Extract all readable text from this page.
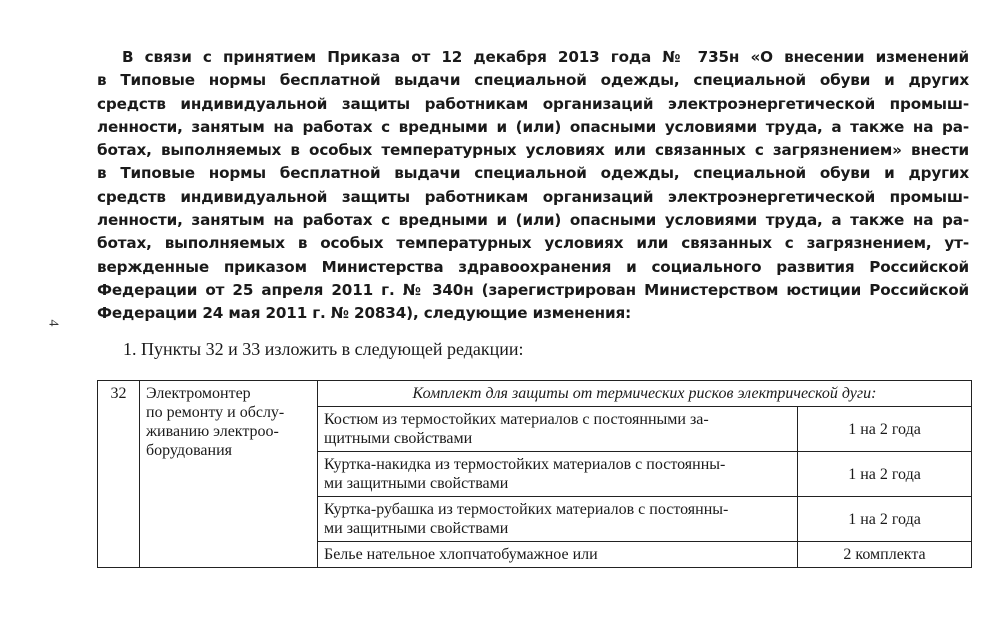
4
В связи с принятием Приказа от 12 декабря 2013 года № 735н «О внесении изменений
в Типовые нормы бесплатной выдачи специальной одежды, специальной обуви и других
средств индивидуальной защиты работникам организаций электроэнергетической промыш-
ленности, занятым на работах с вредными и (или) опасными условиями труда, а также на ра-
ботах, выполняемых в особых температурных условиях или связанных с загрязнением» внести
в Типовые нормы бесплатной выдачи специальной одежды, специальной обуви и других
средств индивидуальной защиты работникам организаций электроэнергетической промыш-
ленности, занятым на работах с вредными и (или) опасными условиями труда, а также на ра-
ботах, выполняемых в особых температурных условиях или связанных с загрязнением, ут-
вержденные приказом Министерства здравоохранения и социального развития Российской
Федерации от 25 апреля 2011 г. № 340н (зарегистрирован Министерством юстиции Российской
Федерации 24 мая 2011 г. № 20834), следующие изменения:
1. Пункты 32 и 33 изложить в следующей редакции:
32	Электромонтер
по ремонту и обслу-
живанию электроо-
борудования	Комплект для защиты от термических рисков электрической дуги:	

		Костюм из термостойких материалов с постоянными за-
щитными свойствами	1 на 2 года

		Куртка-накидка из термостойких материалов с постоянны-
ми защитными свойствами	1 на 2 года

		Куртка-рубашка из термостойких материалов с постоянны-
ми защитными свойствами	1 на 2 года

		Белье нательное хлопчатобумажное или	2 комплекта
